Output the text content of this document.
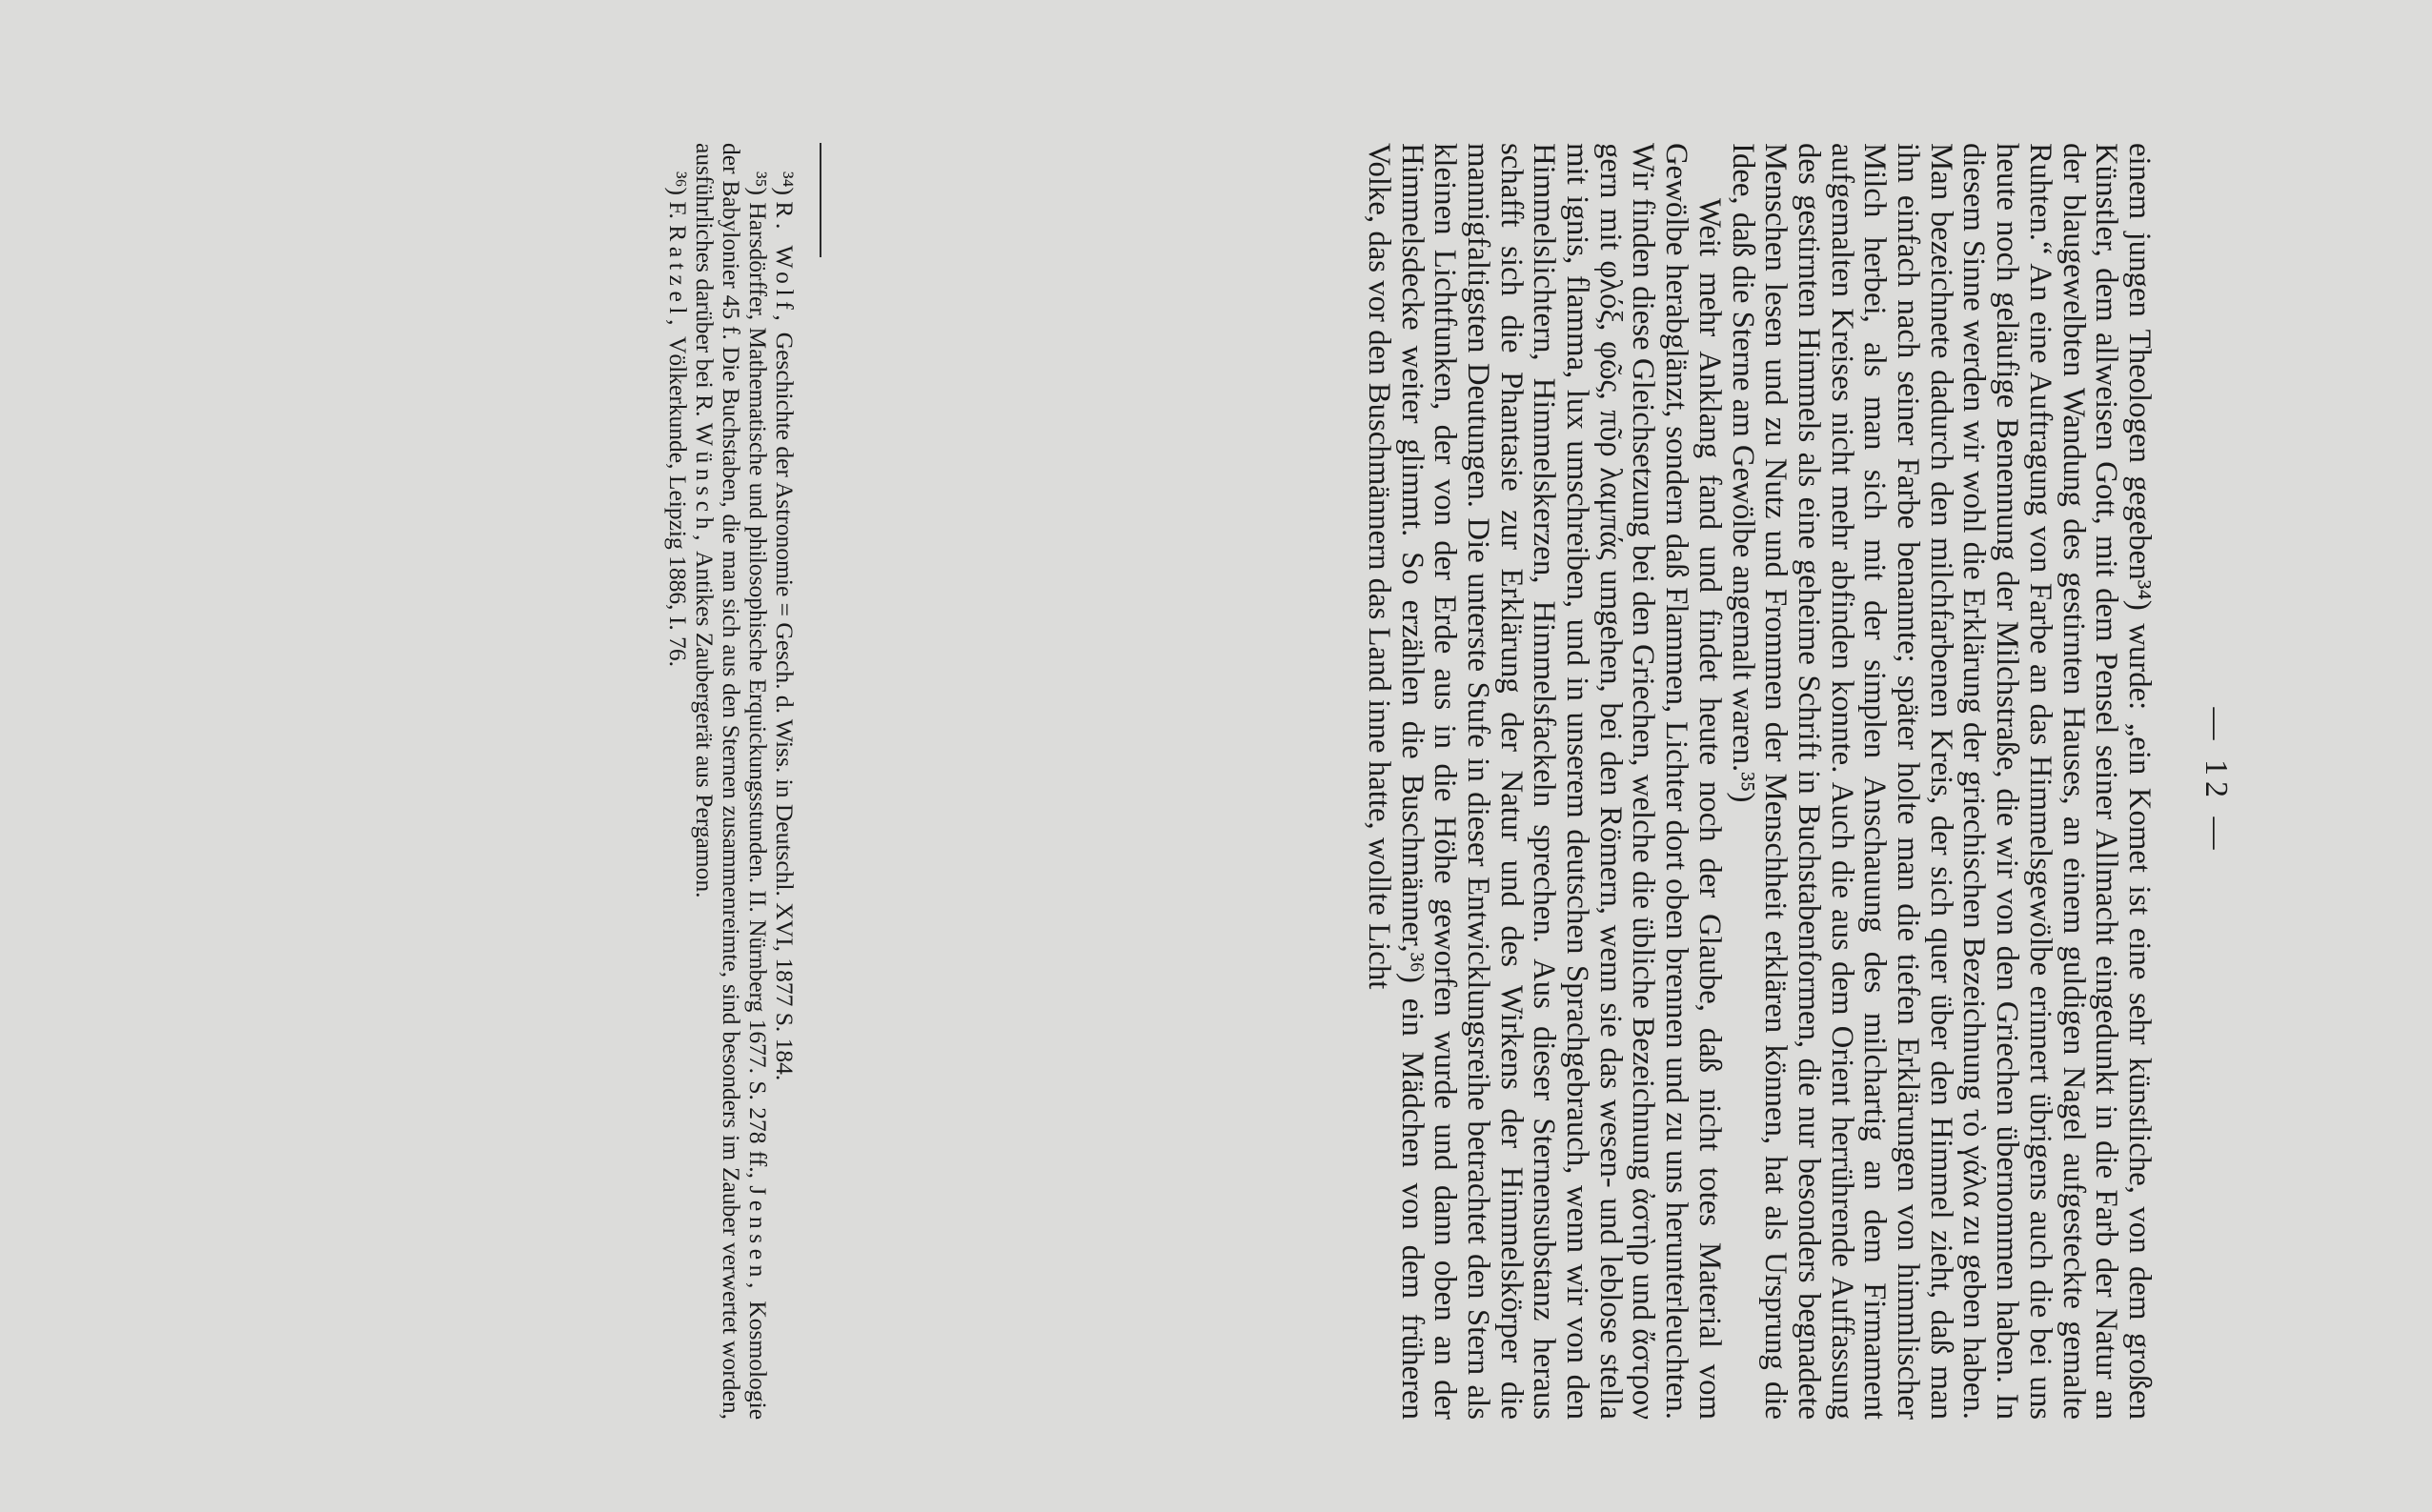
— 12 —

einem jungen Theologen gegeben³⁴) wurde: „ein Komet ist eine sehr künstliche, von dem großen Künstler, dem allweisen Gott, mit dem Pensel seiner Allmacht eingedunkt in die Farb der Natur an der blaugewelbten Wandung des gestirnten Hauses, an einem guldigen Nagel aufgesteckte gemalte Ruhten.“ An eine Auftragung von Farbe an das Himmelsgewölbe erinnert übrigens auch die bei uns heute noch geläufige Benennung der Milchstraße, die wir von den Griechen übernommen haben. In diesem Sinne werden wir wohl die Erklärung der griechischen Bezeichnung τὸ γάλα zu geben haben. Man bezeichnete dadurch den milchfarbenen Kreis, der sich quer über den Himmel zieht, daß man ihn einfach nach seiner Farbe benannte; später holte man die tiefen Erklärungen von himmlischer Milch herbei, als man sich mit der simplen Anschauung des milchartig an dem Firmament aufgemalten Kreises nicht mehr abfinden konnte. Auch die aus dem Orient herrührende Auffassung des gestirnten Himmels als eine geheime Schrift in Buchstabenformen, die nur besonders begnadete Menschen lesen und zu Nutz und Frommen der Menschheit erklären können, hat als Ursprung die Idee, daß die Sterne am Gewölbe angemalt waren.³⁵)

Weit mehr Anklang fand und findet heute noch der Glaube, daß nicht totes Material vom Gewölbe herabglänzt, sondern daß Flammen, Lichter dort oben brennen und zu uns herunterleuchten. Wir finden diese Gleichsetzung bei den Griechen, welche die übliche Bezeichnung ἀστὴρ und ἄστρον gern mit φλόξ, φῶς, πῦρ λαμπάς umgehen, bei den Römern, wenn sie das wesen- und leblose stella mit ignis, flamma, lux umschreiben, und in unserem deutschen Sprachgebrauch, wenn wir von den Himmelslichtern, Himmelskerzen, Himmelsfackeln sprechen. Aus dieser Sternensubstanz heraus schafft sich die Phantasie zur Erklärung der Natur und des Wirkens der Himmelskörper die mannigfaltigsten Deutungen. Die unterste Stufe in dieser Entwicklungsreihe betrachtet den Stern als kleinen Lichtfunken, der von der Erde aus in die Höhe geworfen wurde und dann oben an der Himmelsdecke weiter glimmt. So erzählen die Buschmänner,³⁶) ein Mädchen von dem früheren Volke, das vor den Buschmännern das Land inne hatte, wollte Licht

³⁴) R. Wolf, Geschichte der Astronomie = Gesch. d. Wiss. in Deutschl. XVI, 1877 S. 184.

³⁵) Harsdörffer, Mathematische und philosophische Erquickungsstunden. II. Nürnberg 1677. S. 278 ff., Jensen, Kosmologie der Babylonier 45 f. Die Buchstaben, die man sich aus den Sternen zusammenreimte, sind besonders im Zauber verwertet worden, ausführliches darüber bei R. Wünsch, Antikes Zaubergerät aus Pergamon.

³⁶) F. Ratzel, Völkerkunde, Leipzig 1886, I. 76.
